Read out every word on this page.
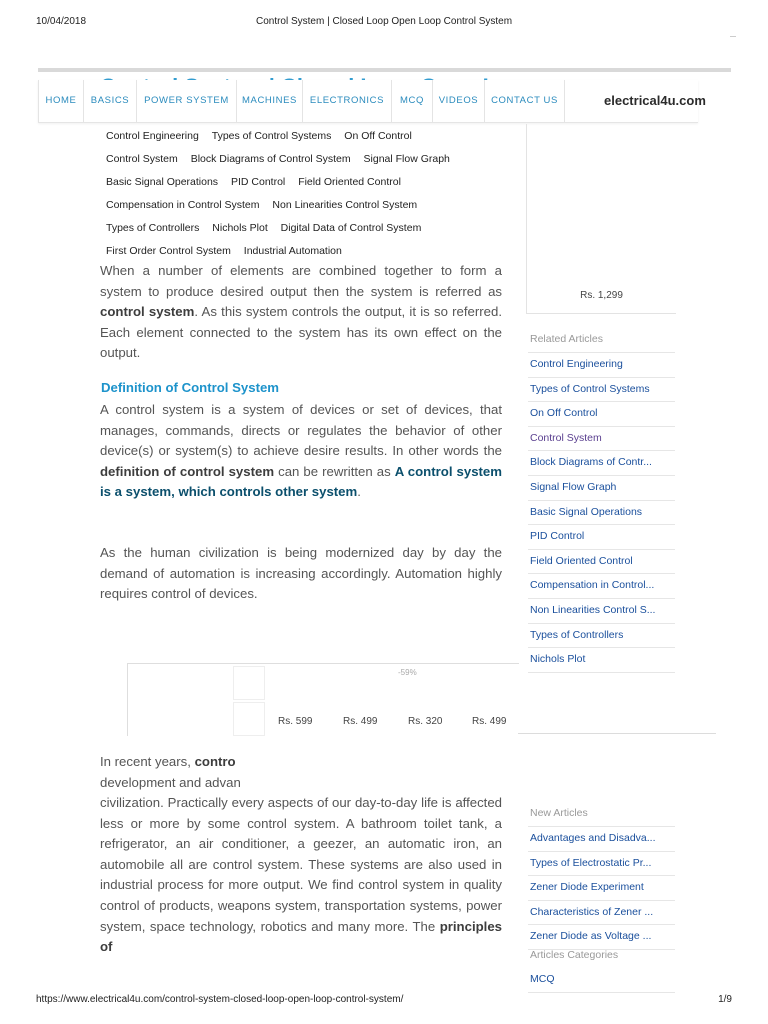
10/04/2018	Control System | Closed Loop Open Loop Control System
HOME	BASICS	POWER SYSTEM	MACHINES	ELECTRONICS	MCQ	VIDEOS	CONTACT US	electrical4u.com
Control Engineering Types of Control Systems On Off Control
Control System Block Diagrams of Control System Signal Flow Graph
Basic Signal Operations PID Control Field Oriented Control
Compensation in Control System Non Linearities Control System
Types of Controllers Nichols Plot Digital Data of Control System
First Order Control System Industrial Automation
When a number of elements are combined together to form a system to produce desired output then the system is referred as control system. As this system controls the output, it is so referred. Each element connected to the system has its own effect on the output.
Definition of Control System
A control system is a system of devices or set of devices, that manages, commands, directs or regulates the behavior of other device(s) or system(s) to achieve desire results. In other words the definition of control system can be rewritten as A control system is a system, which controls other system.
As the human civilization is being modernized day by day the demand of automation is increasing accordingly. Automation highly requires control of devices.
-59%
Rs. 599	Rs. 499	Rs. 320	Rs. 499
In recent years, contro
development and advan
civilization. Practically every aspects of our day-to-day life is affected less or more by some control system. A bathroom toilet tank, a refrigerator, an air conditioner, a geezer, an automatic iron, an automobile all are control system. These systems are also used in industrial process for more output. We find control system in quality control of products, weapons system, transportation systems, power system, space technology, robotics and many more. The principles of
Rs. 1,299
Related Articles
Control Engineering
Types of Control Systems
On Off Control
Control System
Block Diagrams of Contr...
Signal Flow Graph
Basic Signal Operations
PID Control
Field Oriented Control
Compensation in Control...
Non Linearities Control S...
Types of Controllers
Nichols Plot
New Articles
Advantages and Disadva...
Types of Electrostatic Pr...
Zener Diode Experiment
Characteristics of Zener ...
Zener Diode as Voltage ...
Articles Categories
MCQ
https://www.electrical4u.com/control-system-closed-loop-open-loop-control-system/	1/9
